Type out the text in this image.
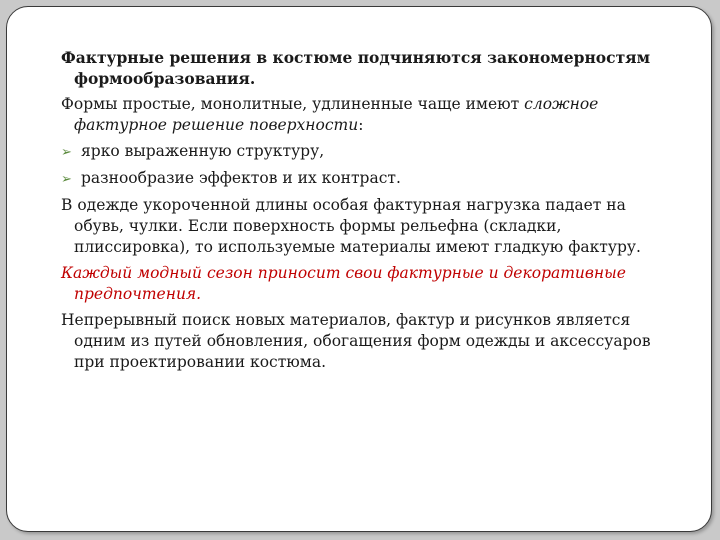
Фактурные решения в костюме подчиняются закономерностям формообразования.

Формы простые, монолитные, удлиненные чаще имеют сложное фактурное решение поверхности:

➢ ярко выраженную структуру,
➢ разнообразие эффектов и их контраст.

В одежде укороченной длины особая фактурная нагрузка падает на обувь, чулки. Если поверхность формы рельефна (складки, плиссировка), то используемые материалы имеют гладкую фактуру.

Каждый модный сезон приносит свои фактурные и декоративные предпочтения.

Непрерывный поиск новых материалов, фактур и рисунков является одним из путей обновления, обогащения форм одежды и аксессуаров при проектировании костюма.
